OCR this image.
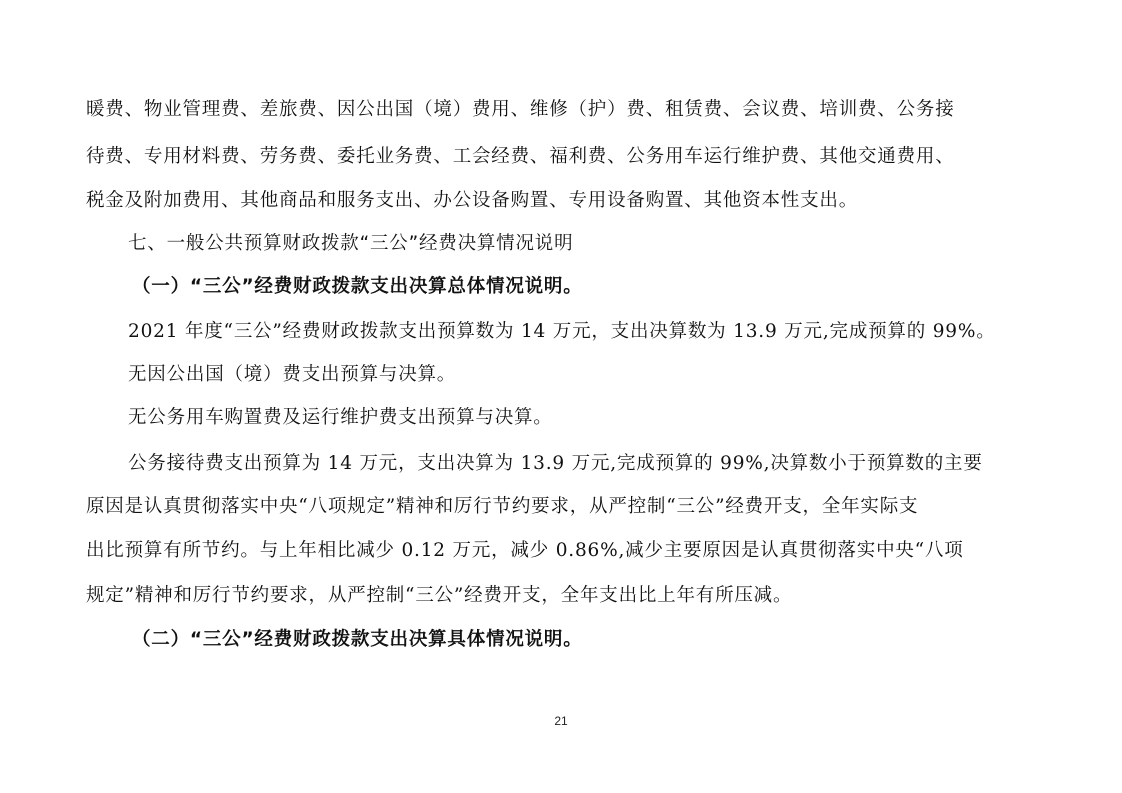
暖费、物业管理费、差旅费、因公出国（境）费用、维修（护）费、租赁费、会议费、培训费、公务接
待费、专用材料费、劳务费、委托业务费、工会经费、福利费、公务用车运行维护费、其他交通费用、
税金及附加费用、其他商品和服务支出、办公设备购置、专用设备购置、其他资本性支出。
七、一般公共预算财政拨款“三公”经费决算情况说明
（一）“三公”经费财政拨款支出决算总体情况说明。
2021 年度“三公”经费财政拨款支出预算数为 14 万元，支出决算数为 13.9 万元,完成预算的 99%。
无因公出国（境）费支出预算与决算。
无公务用车购置费及运行维护费支出预算与决算。
公务接待费支出预算为 14 万元，支出决算为 13.9 万元,完成预算的 99%,决算数小于预算数的主要
原因是认真贯彻落实中央“八项规定”精神和厉行节约要求，从严控制“三公”经费开支，全年实际支
出比预算有所节约。与上年相比减少 0.12 万元，减少 0.86%,减少主要原因是认真贯彻落实中央“八项
规定”精神和厉行节约要求，从严控制“三公”经费开支，全年支出比上年有所压减。
（二）“三公”经费财政拨款支出决算具体情况说明。
21
